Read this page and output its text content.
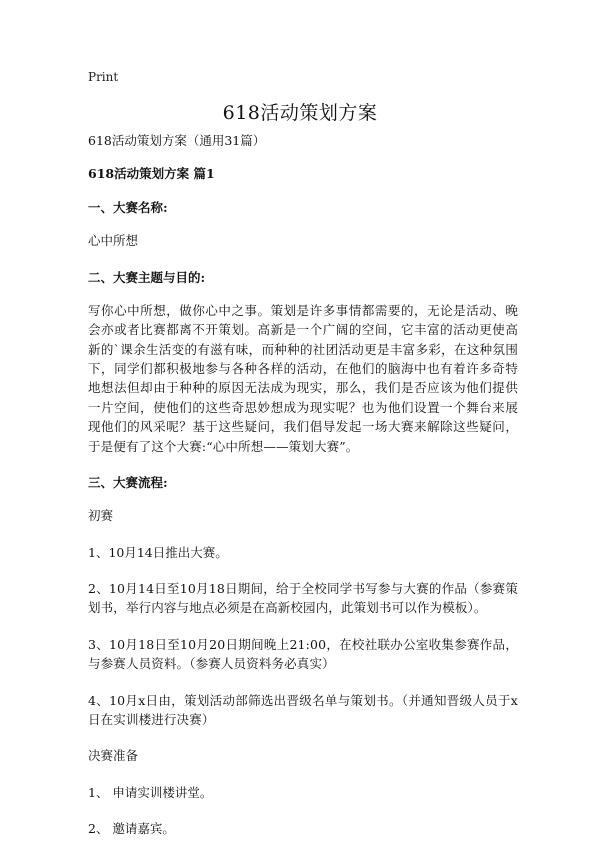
Print
618活动策划方案

618活动策划方案（通用31篇）

618活动策划方案 篇1

一、大赛名称:

心中所想

二、大赛主题与目的:

写你心中所想，做你心中之事。策划是许多事情都需要的，无论是活动、晚会亦或者比赛都离不开策划。高新是一个广阔的空间，它丰富的活动更使高新的`课余生活变的有滋有味，而种种的社团活动更是丰富多彩，在这种氛围下，同学们都积极地参与各种各样的活动，在他们的脑海中也有着许多奇特地想法但却由于种种的原因无法成为现实，那么，我们是否应该为他们提供一片空间，使他们的这些奇思妙想成为现实呢？也为他们设置一个舞台来展现他们的风采呢？基于这些疑问，我们倡导发起一场大赛来解除这些疑问，于是便有了这个大赛:“心中所想——策划大赛”。

三、大赛流程:

初赛

1、10月14日推出大赛。

2、10月14日至10月18日期间，给于全校同学书写参与大赛的作品（参赛策划书，举行内容与地点必须是在高新校园内，此策划书可以作为模板）。

3、10月18日至10月20日期间晚上21:00，在校社联办公室收集参赛作品，与参赛人员资料。（参赛人员资料务必真实）

4、10月x日由，策划活动部筛选出晋级名单与策划书。（并通知晋级人员于x日在实训楼进行决赛）

决赛准备

1、 申请实训楼讲堂。

2、 邀请嘉宾。
